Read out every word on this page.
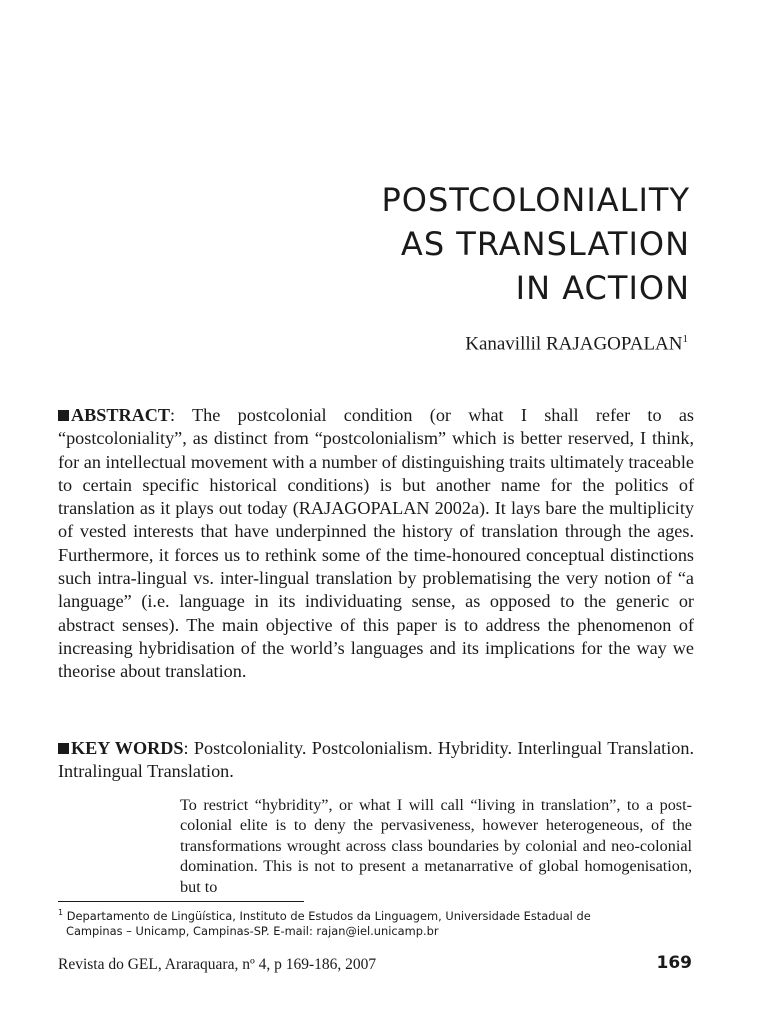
POSTCOLONIALITY
AS TRANSLATION
IN ACTION
Kanavillil RAJAGOPALAN$^1$

ABSTRACT: The postcolonial condition (or what I shall refer to as “postcoloniality”, as distinct from “postcolonialism” which is better reserved, I think, for an intellectual movement with a number of distinguishing traits ultimately traceable to certain specific historical conditions) is but another name for the politics of translation as it plays out today (RAJAGOPALAN 2002a). It lays bare the multiplicity of vested interests that have underpinned the history of translation through the ages. Furthermore, it forces us to rethink some of the time-honoured conceptual distinctions such intra-lingual vs. inter-lingual translation by problematising the very notion of “a language” (i.e. language in its individuating sense, as opposed to the generic or abstract senses). The main objective of this paper is to address the phenomenon of increasing hybridisation of the world’s languages and its implications for the way we theorise about translation.

KEY WORDS: Postcoloniality. Postcolonialism. Hybridity. Interlingual Translation. Intralingual Translation.

To restrict “hybridity”, or what I will call “living in translation”, to a post-colonial elite is to deny the pervasiveness, however heterogeneous, of the transformations wrought across class boundaries by colonial and neo-colonial domination. This is not to present a metanarrative of global homogenisation, but to

$^1$ Departamento de Lingüística, Instituto de Estudos da Linguagem, Universidade Estadual de
Campinas – Unicamp, Campinas-SP. E-mail: rajan@iel.unicamp.br
Revista do GEL, Araraquara, nº 4, p 169-186, 2007	169
